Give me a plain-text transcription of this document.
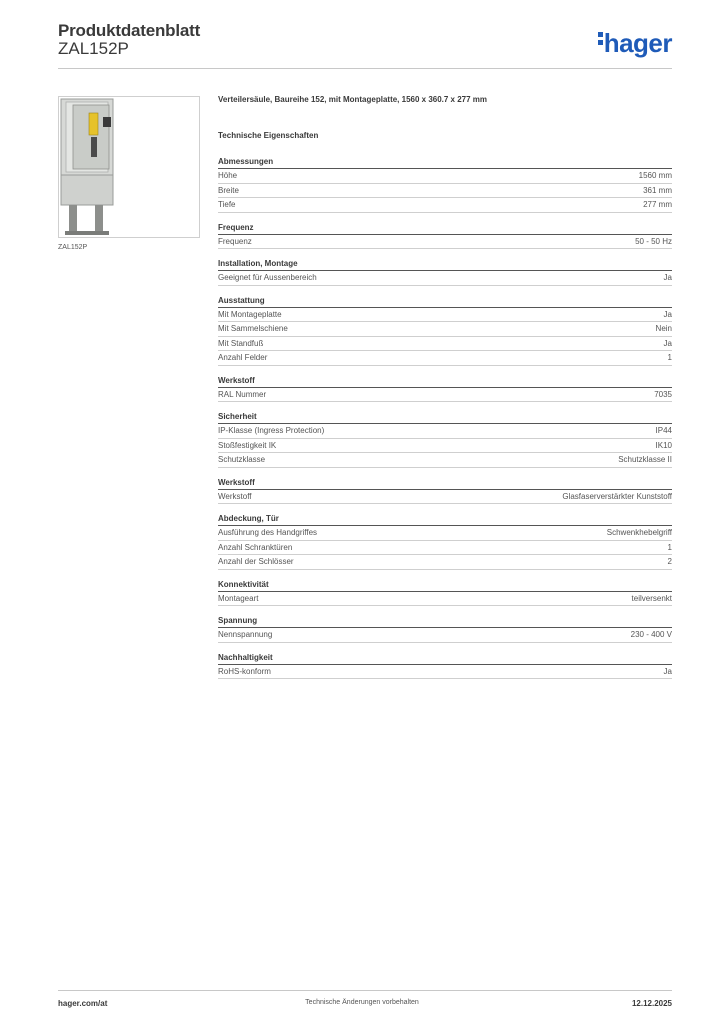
Produktdatenblatt
ZAL152P	hager
ZAL152P
Verteilersäule, Baureihe 152, mit Montageplatte, 1560 x 360.7 x 277 mm
Technische Eigenschaften
Abmessungen
Höhe	1560 mm
Breite	361 mm
Tiefe	277 mm
Frequenz
Frequenz	50 - 50 Hz
Installation, Montage
Geeignet für Aussenbereich	Ja
Ausstattung
Mit Montageplatte	Ja
Mit Sammelschiene	Nein
Mit Standfuß	Ja
Anzahl Felder	1
Werkstoff
RAL Nummer	7035
Sicherheit
IP-Klasse (Ingress Protection)	IP44
Stoßfestigkeit IK	IK10
Schutzklasse	Schutzklasse II
Werkstoff
Werkstoff	Glasfaserverstärkter Kunststoff
Abdeckung, Tür
Ausführung des Handgriffes	Schwenkhebelgriff
Anzahl Schranktüren	1
Anzahl der Schlösser	2
Konnektivität
Montageart	teilversenkt
Spannung
Nennspannung	230 - 400 V
Nachhaltigkeit
RoHS-konform	Ja
hager.com/at	Technische Änderungen vorbehalten	12.12.2025
